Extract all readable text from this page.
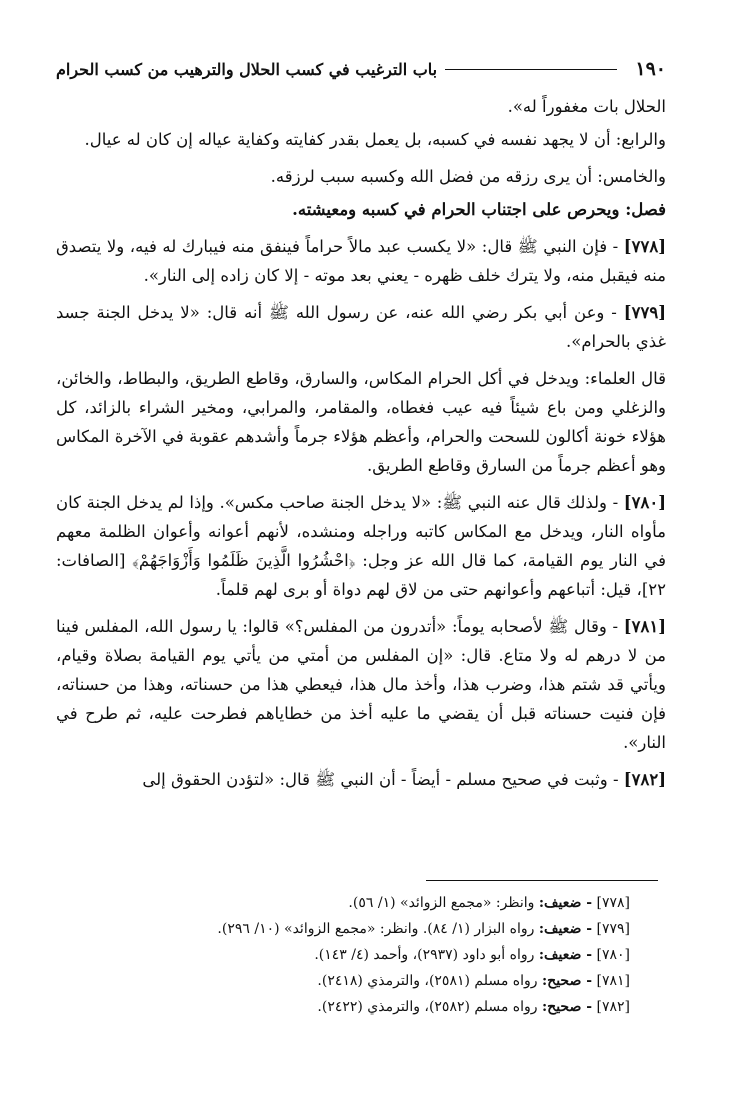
١٩٠
باب الترغيب في كسب الحلال والترهيب من كسب الحرام

الحلال بات مغفوراً له».

والرابع: أن لا يجهد نفسه في كسبه، بل يعمل بقدر كفايته وكفاية عياله إن كان له عيال.

والخامس: أن يرى رزقه من فضل الله وكسبه سبب لرزقه.

فصل: ويحرص على اجتناب الحرام في كسبه ومعيشته.

[٧٧٨] - فإن النبي ﷺ قال: «لا يكسب عبد مالاً حراماً فينفق منه فيبارك له فيه، ولا يتصدق منه فيقبل منه، ولا يترك خلف ظهره - يعني بعد موته - إلا كان زاده إلى النار».

[٧٧٩] - وعن أبي بكر رضي الله عنه، عن رسول الله ﷺ أنه قال: «لا يدخل الجنة جسد غذي بالحرام».

قال العلماء: ويدخل في أكل الحرام المكاس، والسارق، وقاطع الطريق، والبطاط، والخائن، والزغلي ومن باع شيئاً فيه عيب فغطاه، والمقامر، والمرابي، ومخير الشراء بالزائد، كل هؤلاء خونة أكالون للسحت والحرام، وأعظم هؤلاء جرماً وأشدهم عقوبة في الآخرة المكاس وهو أعظم جرماً من السارق وقاطع الطريق.

[٧٨٠] - ولذلك قال عنه النبي ﷺ: «لا يدخل الجنة صاحب مكس». وإذا لم يدخل الجنة كان مأواه النار، ويدخل مع المكاس كاتبه وراجله ومنشده، لأنهم أعوانه وأعوان الظلمة معهم في النار يوم القيامة، كما قال الله عز وجل: ﴿احْشُرُوا الَّذِينَ ظَلَمُوا وَأَزْوَاجَهُمْ﴾ [الصافات: ٢٢]، قيل: أتباعهم وأعوانهم حتى من لاق لهم دواة أو برى لهم قلماً.

[٧٨١] - وقال ﷺ لأصحابه يوماً: «أتدرون من المفلس؟» قالوا: يا رسول الله، المفلس فينا من لا درهم له ولا متاع. قال: «إن المفلس من أمتي من يأتي يوم القيامة بصلاة وقيام، ويأتي قد شتم هذا، وضرب هذا، وأخذ مال هذا، فيعطي هذا من حسناته، وهذا من حسناته، فإن فنيت حسناته قبل أن يقضي ما عليه أخذ من خطاياهم فطرحت عليه، ثم طرح في النار».

[٧٨٢] - وثبت في صحيح مسلم - أيضاً - أن النبي ﷺ قال: «لتؤدن الحقوق إلى

[٧٧٨] - ضعيف: وانظر: «مجمع الزوائد» (١/ ٥٦).

[٧٧٩] - ضعيف: رواه البزار (١/ ٨٤). وانظر: «مجمع الزوائد» (١٠/ ٢٩٦).

[٧٨٠] - ضعيف: رواه أبو داود (٢٩٣٧)، وأحمد (٤/ ١٤٣).

[٧٨١] - صحيح: رواه مسلم (٢٥٨١)، والترمذي (٢٤١٨).

[٧٨٢] - صحيح: رواه مسلم (٢٥٨٢)، والترمذي (٢٤٢٢).
